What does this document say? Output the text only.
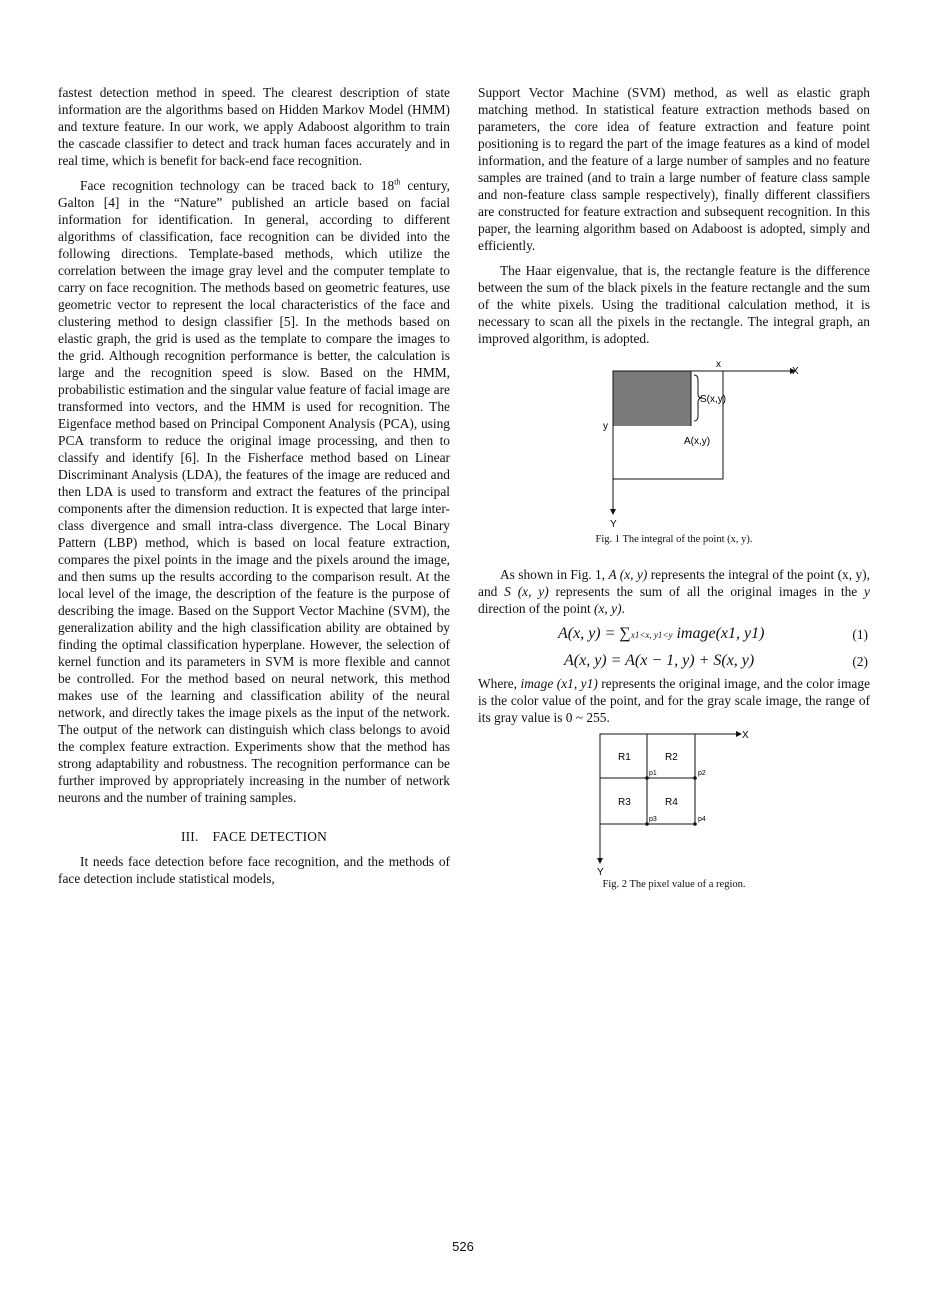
fastest detection method in speed. The clearest description of state information are the algorithms based on Hidden Markov Model (HMM) and texture feature. In our work, we apply Adaboost algorithm to train the cascade classifier to detect and track human faces accurately and in real time, which is benefit for back-end face recognition.

Face recognition technology can be traced back to 18th century, Galton [4] in the “Nature” published an article based on facial information for identification. In general, according to different algorithms of classification, face recognition can be divided into the following directions. Template-based methods, which utilize the correlation between the image gray level and the computer template to carry on face recognition. The methods based on geometric features, use geometric vector to represent the local characteristics of the face and clustering method to design classifier [5]. In the methods based on elastic graph, the grid is used as the template to compare the images to the grid. Although recognition performance is better, the calculation is large and the recognition speed is slow. Based on the HMM, probabilistic estimation and the singular value feature of facial image are transformed into vectors, and the HMM is used for recognition. The Eigenface method based on Principal Component Analysis (PCA), using PCA transform to reduce the original image processing, and then to classify and identify [6]. In the Fisherface method based on Linear Discriminant Analysis (LDA), the features of the image are reduced and then LDA is used to transform and extract the features of the principal components after the dimension reduction. It is expected that large inter-class divergence and small intra-class divergence. The Local Binary Pattern (LBP) method, which is based on local feature extraction, compares the pixel points in the image and the pixels around the image, and then sums up the results according to the comparison result. At the local level of the image, the description of the feature is the purpose of describing the image. Based on the Support Vector Machine (SVM), the generalization ability and the high classification ability are obtained by finding the optimal classification hyperplane. However, the selection of kernel function and its parameters in SVM is more flexible and cannot be controlled. For the method based on neural network, this method makes use of the learning and classification ability of the neural network, and directly takes the image pixels as the input of the network. The output of the network can distinguish which class belongs to avoid the complex feature extraction. Experiments show that the method has strong adaptability and robustness. The recognition performance can be further improved by appropriately increasing in the number of network neurons and the number of training samples.

III. FACE DETECTION

It needs face detection before face recognition, and the methods of face detection include statistical models,

Support Vector Machine (SVM) method, as well as elastic graph matching method. In statistical feature extraction methods based on parameters, the core idea of feature extraction and feature point positioning is to regard the part of the image features as a kind of model information, and the feature of a large number of samples and no feature samples are trained (and to train a large number of feature class sample and non-feature class sample respectively), finally different classifiers are constructed for feature extraction and subsequent recognition. In this paper, the learning algorithm based on Adaboost is adopted, simply and efficiently.

The Haar eigenvalue, that is, the rectangle feature is the difference between the sum of the black pixels in the feature rectangle and the sum of the white pixels. Using the traditional calculation method, it is necessary to scan all the pixels in the rectangle. The integral graph, an improved algorithm, is adopted.

x
X
y
Y
S(x,y)
A(x,y)
Fig. 1 The integral of the point (x, y).

As shown in Fig. 1, A (x, y) represents the integral of the point (x, y), and S (x, y) represents the sum of all the original images in the y direction of the point (x, y).

A(x, y) = ∑x1<x, y1<y image(x1, y1)	(1)
A(x, y) = A(x − 1, y) + S(x, y)	(2)

Where, image (x1, y1) represents the original image, and the color image is the color value of the point, and for the gray scale image, the range of its gray value is 0 ~ 255.

X
Y
R1	R2
R3	R4
p1	p2
p3	p4
Fig. 2 The pixel value of a region.
526
